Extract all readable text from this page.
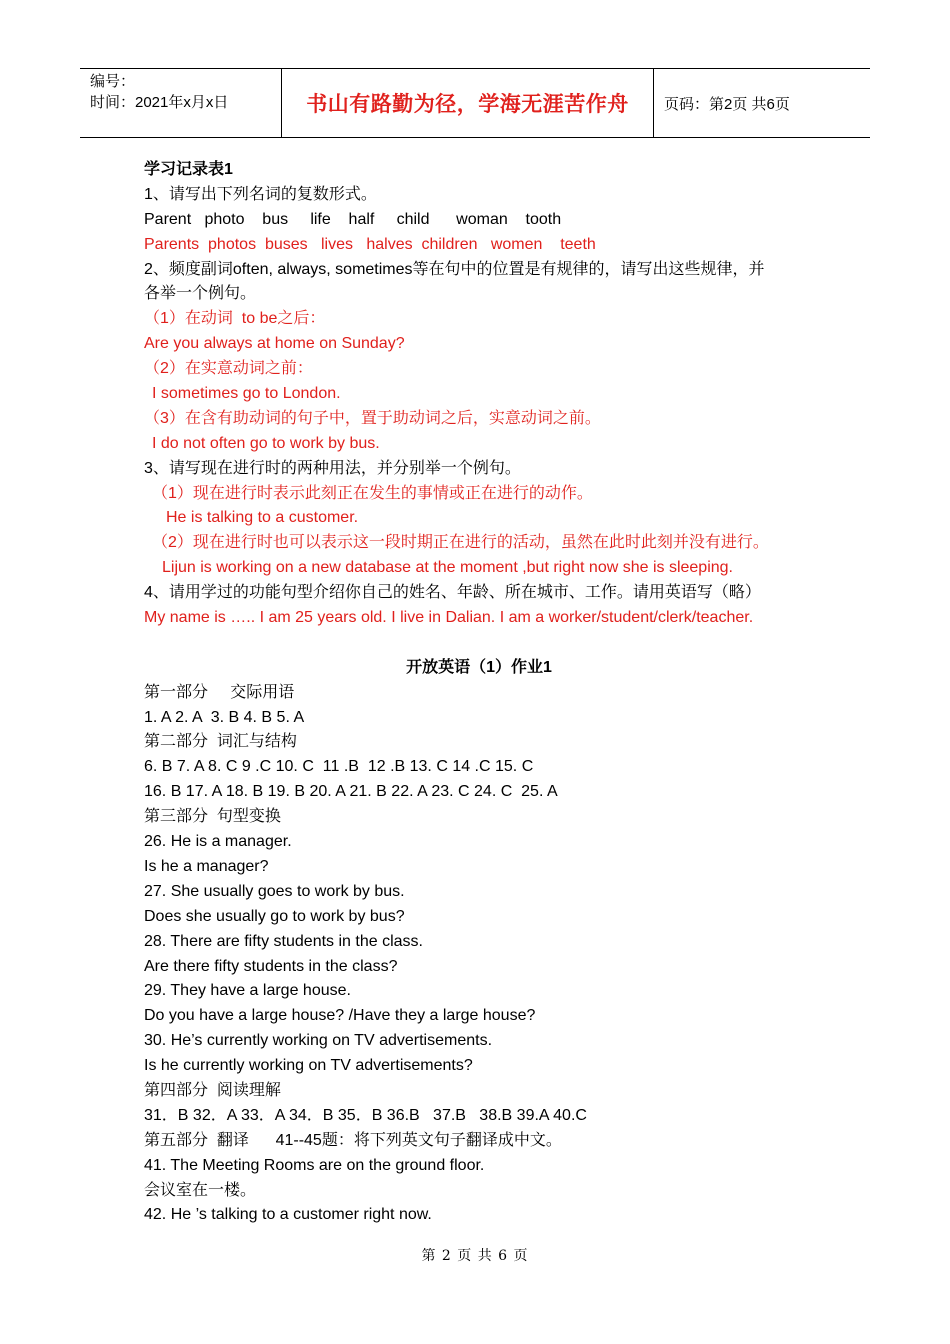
编号：
时间：2021年x月x日	书山有路勤为径，学海无涯苦作舟	页码：第2页 共6页
学习记录表1
1、请写出下列名词的复数形式。
Parent   photo    bus     life    half     child      woman    tooth
Parents  photos  buses   lives   halves  children   women    teeth
2、频度副词often, always, sometimes等在句中的位置是有规律的，请写出这些规律，并
各举一个例句。
（1）在动词  to be之后：
Are you always at home on Sunday?
（2）在实意动词之前：
I sometimes go to London.
（3）在含有助动词的句子中，置于助动词之后，实意动词之前。
I do not often go to work by bus.
3、请写现在进行时的两种用法，并分别举一个例句。
（1）现在进行时表示此刻正在发生的事情或正在进行的动作。
He is talking to a customer.
（2）现在进行时也可以表示这一段时期正在进行的活动，虽然在此时此刻并没有进行。
Lijun is working on a new database at the moment ,but right now she is sleeping.
4、请用学过的功能句型介绍你自己的姓名、年龄、所在城市、工作。请用英语写（略）
My name is ….. I am 25 years old. I live in Dalian. I am a worker/student/clerk/teacher.
开放英语（1）作业1
第一部分     交际用语
1. A 2. A  3. B 4. B 5. A
第二部分  词汇与结构
6. B 7. A 8. C 9 .C 10. C  11 .B  12 .B 13. C 14 .C 15. C
16. B 17. A 18. B 19. B 20. A 21. B 22. A 23. C 24. C  25. A
第三部分  句型变换
26. He is a manager.
Is he a manager?
27. She usually goes to work by bus.
Does she usually go to work by bus?
28. There are fifty students in the class.
Are there fifty students in the class?
29. They have a large house.
Do you have a large house? /Have they a large house?
30. He’s currently working on TV advertisements.
Is he currently working on TV advertisements?
第四部分  阅读理解
31．B 32．A 33．A 34．B 35．B 36.B   37.B   38.B 39.A 40.C
第五部分  翻译      41--45题：将下列英文句子翻译成中文。
41. The Meeting Rooms are on the ground floor.
会议室在一楼。
42. He ’s talking to a customer right now.
第 2 页 共 6 页
